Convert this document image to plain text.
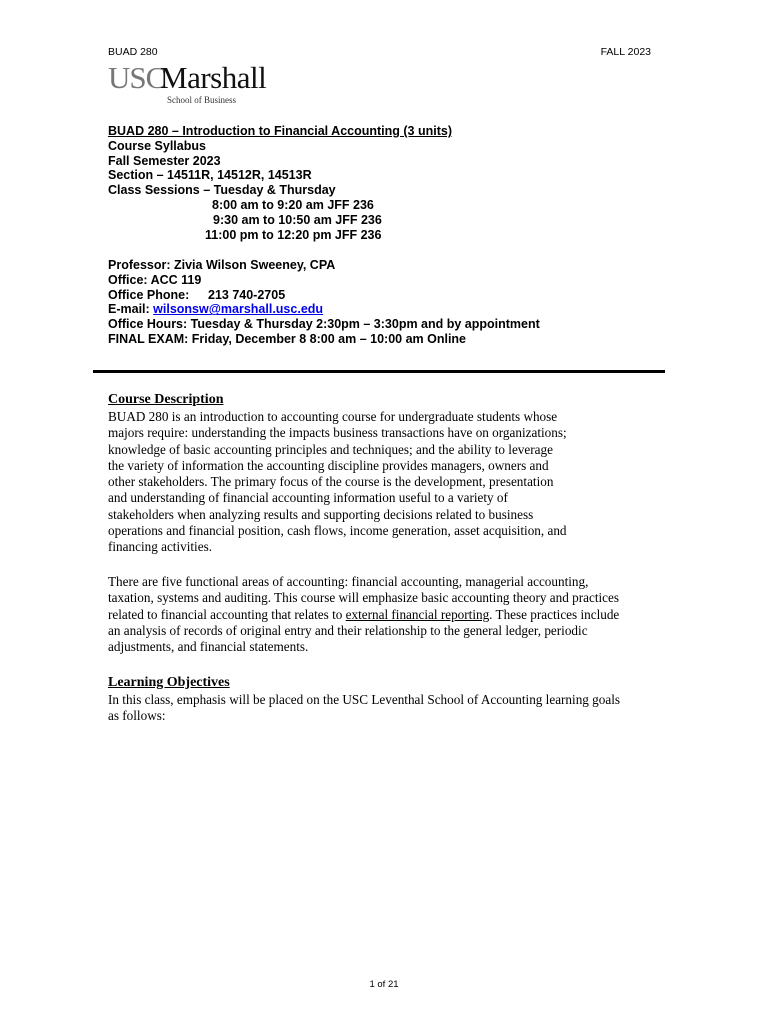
BUAD 280	FALL 2023
USC
Marshall
School of Business
BUAD 280 – Introduction to Financial Accounting (3 units)
Course Syllabus
Fall Semester 2023
Section – 14511R, 14512R, 14513R
Class Sessions – Tuesday & Thursday
8:00 am to 9:20 am JFF 236
9:30 am to 10:50 am JFF 236
11:00 pm to 12:20 pm JFF 236
Professor: Zivia Wilson Sweeney, CPA
Office: ACC 119
Office Phone: 213 740-2705
E-mail: wilsonsw@marshall.usc.edu
Office Hours: Tuesday & Thursday 2:30pm – 3:30pm and by appointment
FINAL EXAM: Friday, December 8 8:00 am – 10:00 am Online
Course Description
BUAD 280 is an introduction to accounting course for undergraduate students whose
majors require: understanding the impacts business transactions have on organizations;
knowledge of basic accounting principles and techniques; and the ability to leverage
the variety of information the accounting discipline provides managers, owners and
other stakeholders. The primary focus of the course is the development, presentation
and understanding of financial accounting information useful to a variety of
stakeholders when analyzing results and supporting decisions related to business
operations and financial position, cash flows, income generation, asset acquisition, and
financing activities.
There are five functional areas of accounting: financial accounting, managerial accounting,
taxation, systems and auditing. This course will emphasize basic accounting theory and practices
related to financial accounting that relates to external financial reporting. These practices include
an analysis of records of original entry and their relationship to the general ledger, periodic
adjustments, and financial statements.
Learning Objectives
In this class, emphasis will be placed on the USC Leventhal School of Accounting learning goals
as follows:
1 of 21
